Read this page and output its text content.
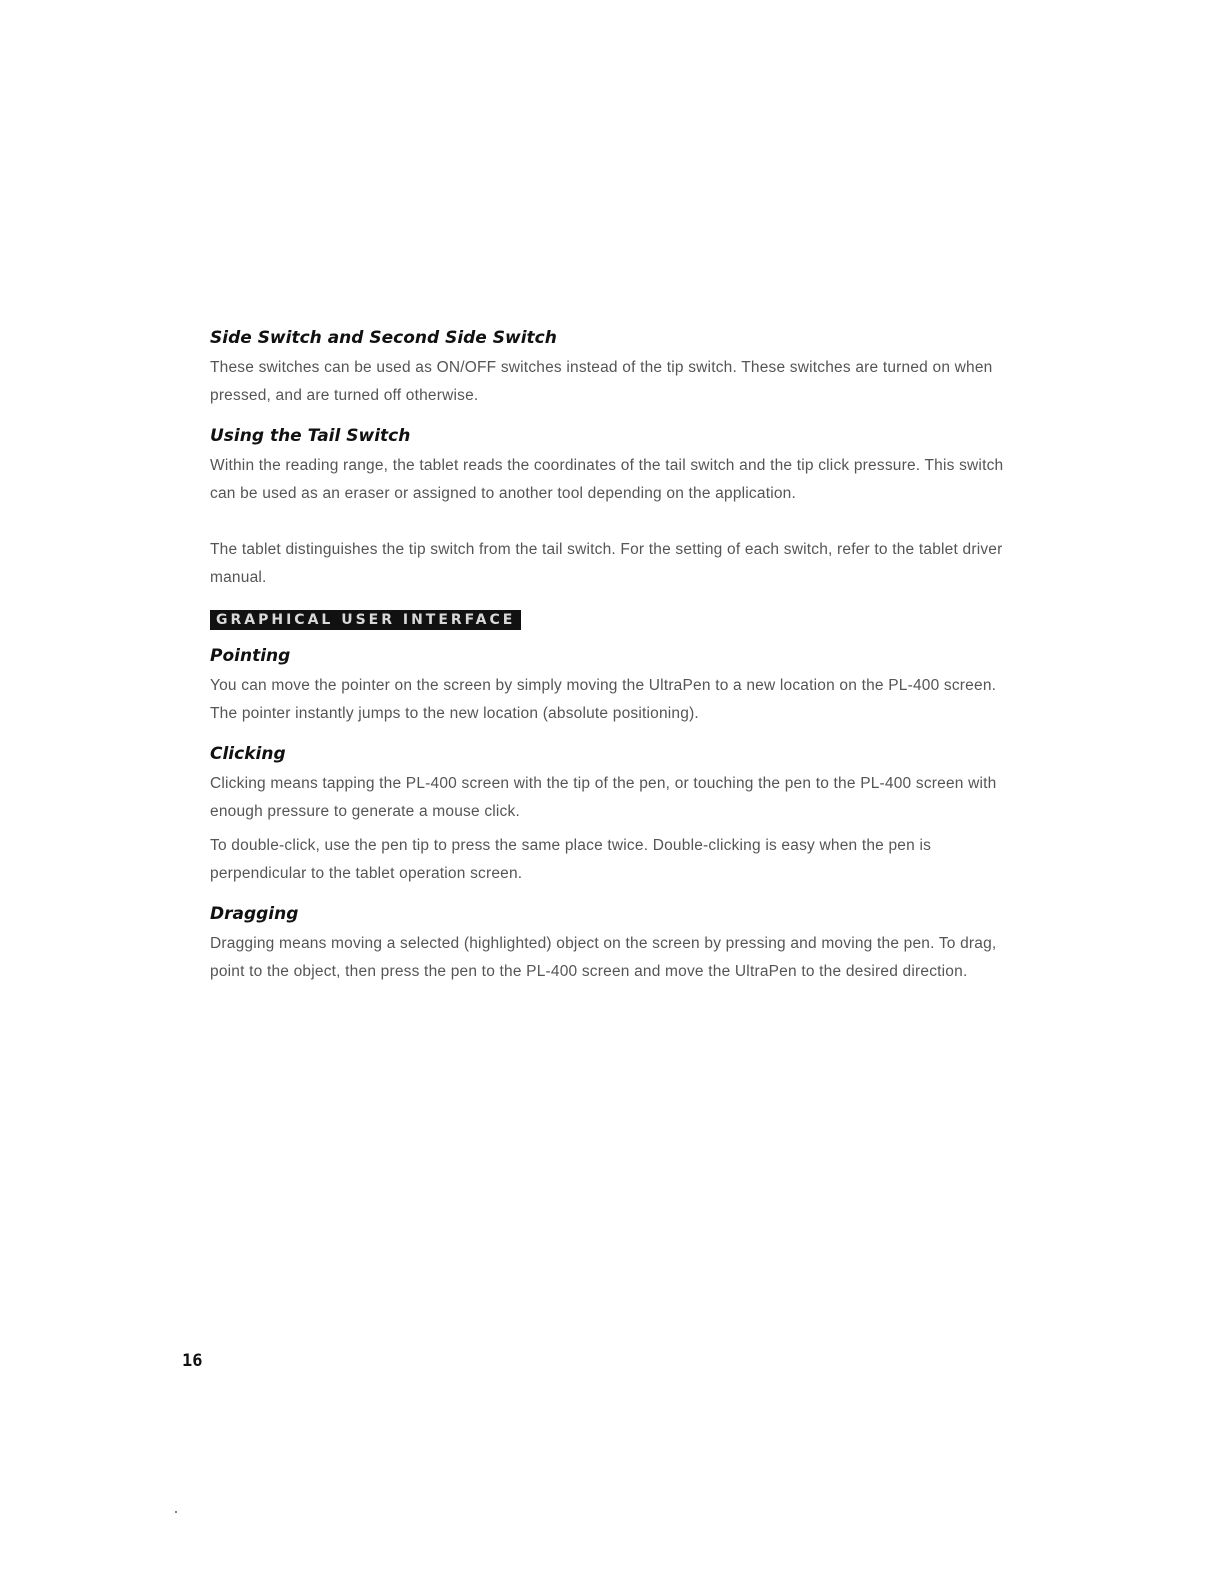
Side Switch and Second Side Switch

These switches can be used as ON/OFF switches instead of the tip switch. These switches are turned on when pressed, and are turned off otherwise.

Using the Tail Switch

Within the reading range, the tablet reads the coordinates of the tail switch and the tip click pressure. This switch can be used as an eraser or assigned to another tool depending on the application.

The tablet distinguishes the tip switch from the tail switch. For the setting of each switch, refer to the tablet driver manual.

GRAPHICAL USER INTERFACE
Pointing

You can move the pointer on the screen by simply moving the UltraPen to a new location on the PL-400 screen. The pointer instantly jumps to the new location (absolute positioning).

Clicking

Clicking means tapping the PL-400 screen with the tip of the pen, or touching the pen to the PL-400 screen with enough pressure to generate a mouse click.

To double-click, use the pen tip to press the same place twice. Double-clicking is easy when the pen is perpendicular to the tablet operation screen.

Dragging

Dragging means moving a selected (highlighted) object on the screen by pressing and moving the pen. To drag, point to the object, then press the pen to the PL-400 screen and move the UltraPen to the desired direction.

16
